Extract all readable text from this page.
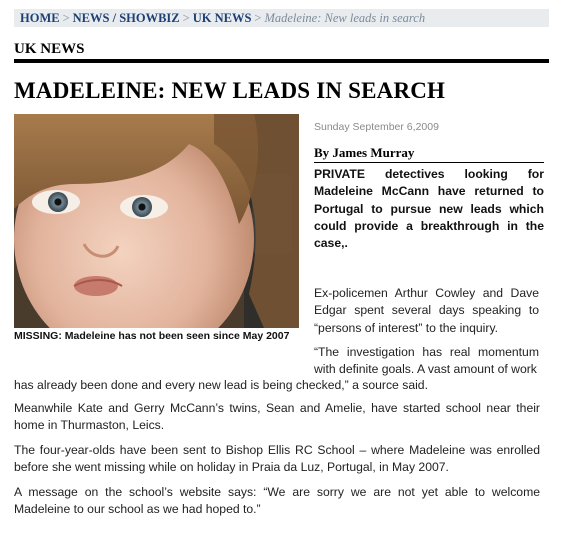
HOME > NEWS / SHOWBIZ > UK NEWS > Madeleine: New leads in search
UK NEWS
MADELEINE: NEW LEADS IN SEARCH
MISSING: Madeleine has not been seen since May 2007
Sunday September 6,2009
By James Murray

PRIVATE detectives looking for Madeleine McCann have returned to Portugal to pursue new leads which could provide a breakthrough in the case,.

Ex-policemen Arthur Cowley and Dave Edgar spent several days speaking to “persons of interest” to the inquiry.

“The investigation has real momentum with definite goals. A vast amount of work

has already been done and every new lead is being checked,” a source said.

Meanwhile Kate and Gerry McCann’s twins, Sean and Amelie, have started school near their home in Thurmaston, Leics.

The four-year-olds have been sent to Bishop Ellis RC School – where Madeleine was enrolled before she went missing while on holiday in Praia da Luz, Portugal, in May 2007.

A message on the school’s website says: “We are sorry we are not yet able to welcome Madeleine to our school as we had hoped to.”
